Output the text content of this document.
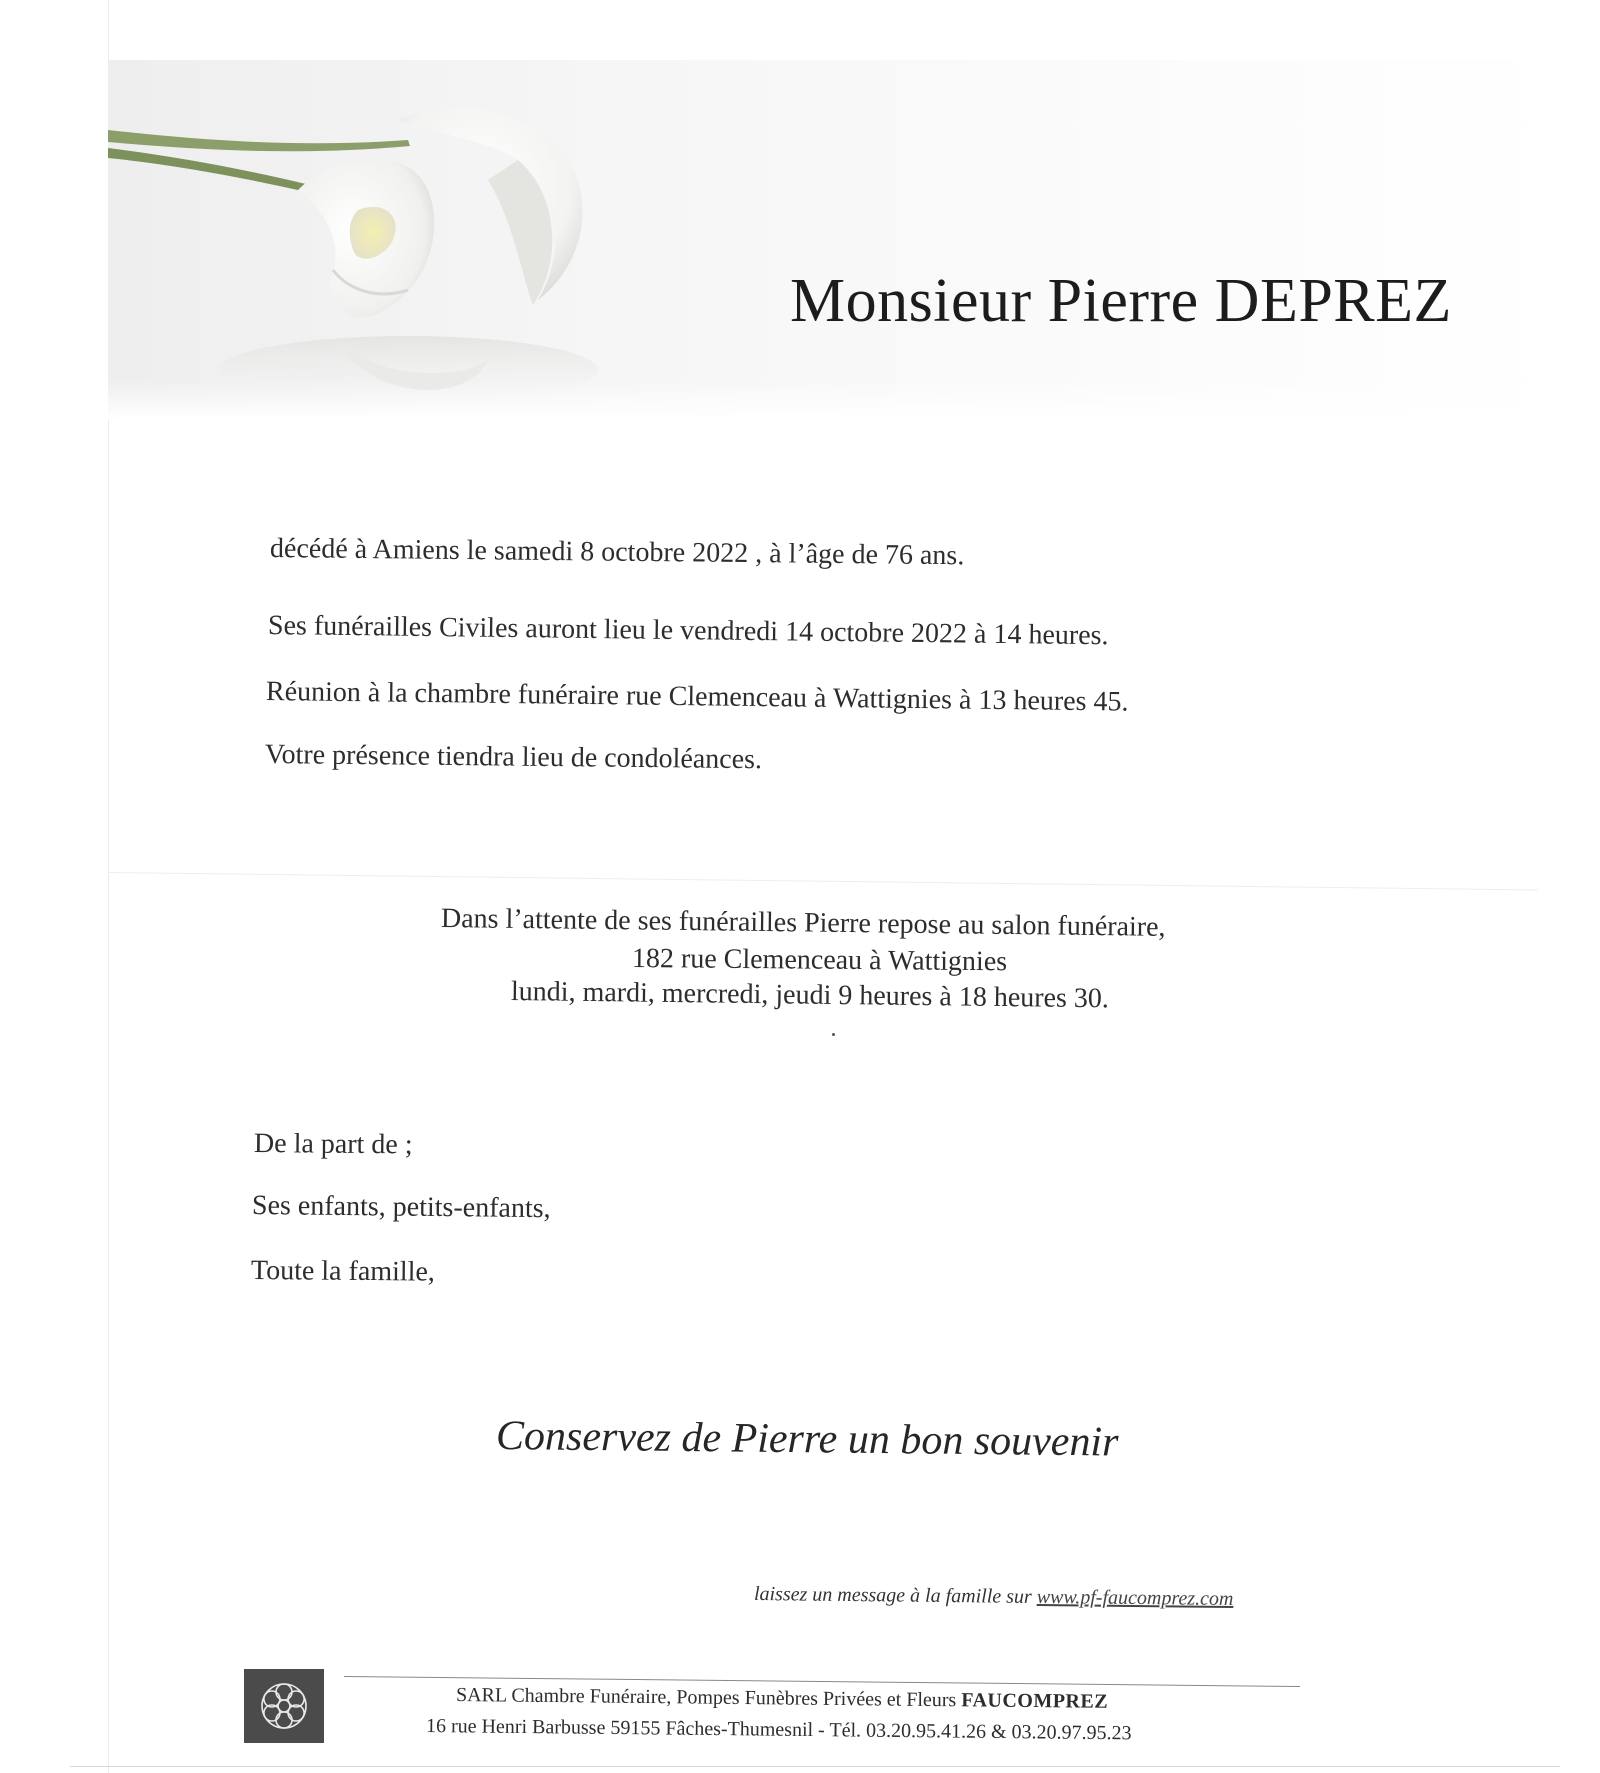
Monsieur Pierre DEPREZ
décédé à Amiens le samedi 8 octobre 2022 , à l’âge de 76 ans.
Ses funérailles Civiles auront lieu le vendredi 14 octobre 2022 à 14 heures.
Réunion à la chambre funéraire rue Clemenceau à Wattignies à 13 heures 45.
Votre présence tiendra lieu de condoléances.
Dans l’attente de ses funérailles Pierre repose au salon funéraire,
182 rue Clemenceau à Wattignies
lundi, mardi, mercredi, jeudi 9 heures à 18 heures 30.
De la part de ;
Ses enfants, petits-enfants,
Toute la famille,
Conservez de Pierre un bon souvenir
laissez un message à la famille sur www.pf-faucomprez.com
SARL Chambre Funéraire, Pompes Funèbres Privées et Fleurs FAUCOMPREZ
16 rue Henri Barbusse 59155 Fâches-Thumesnil - Tél. 03.20.95.41.26 & 03.20.97.95.23
